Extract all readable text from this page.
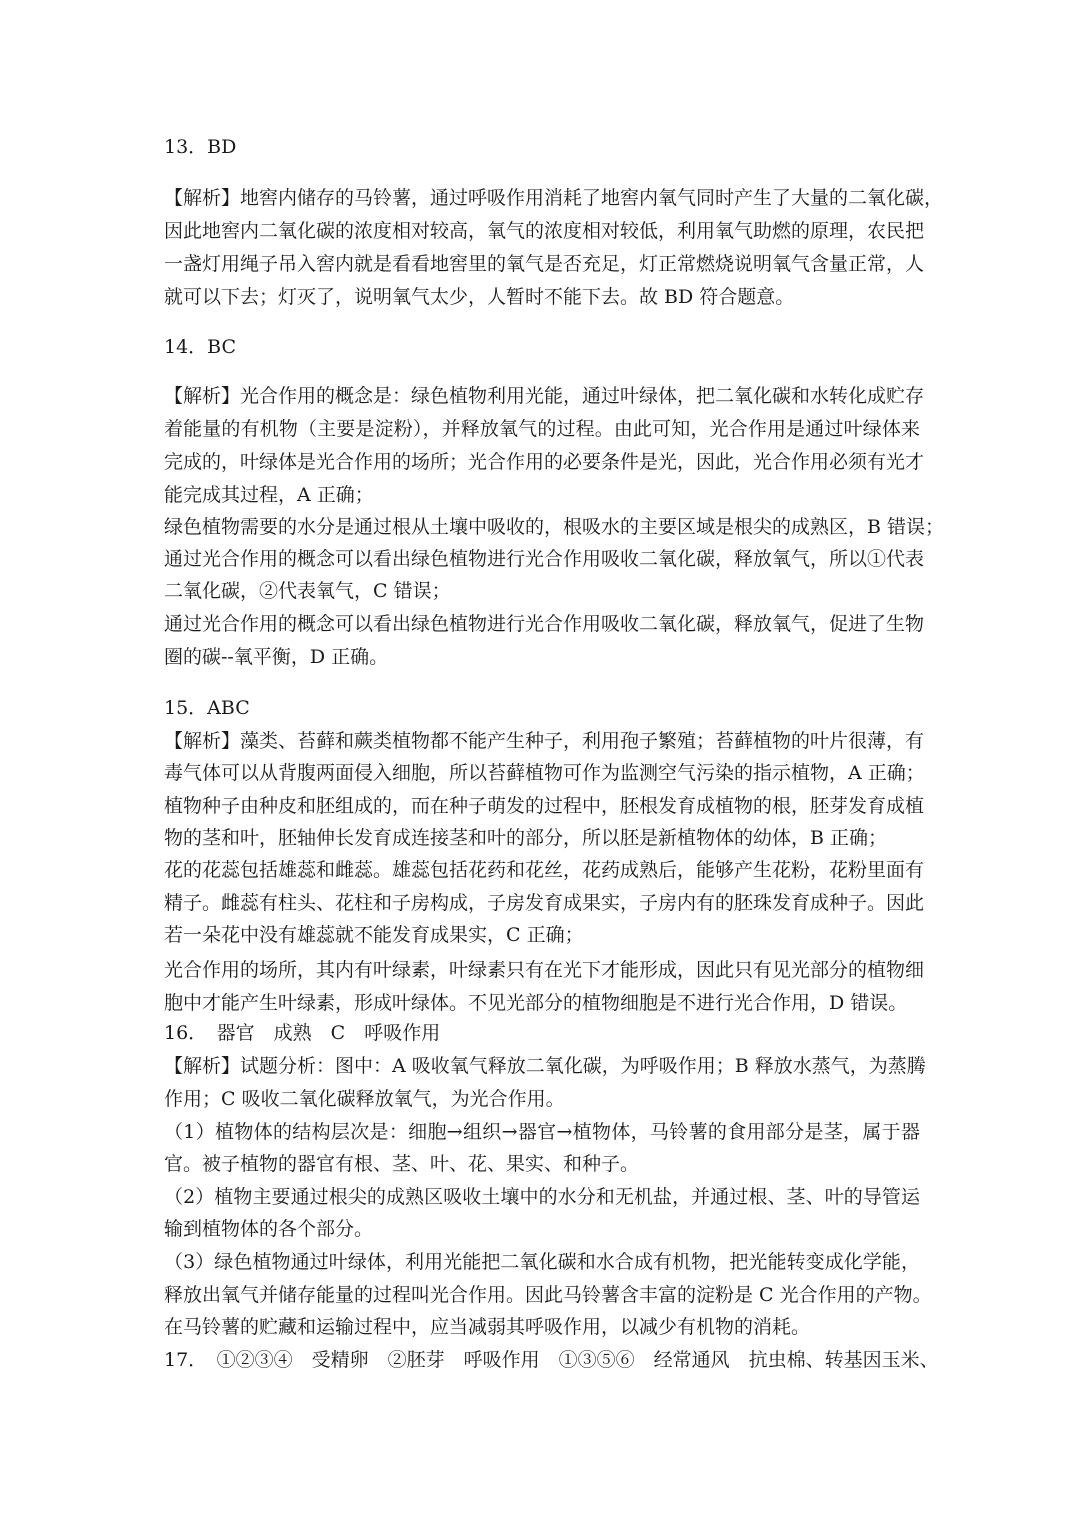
13．BD
【解析】地窖内储存的马铃薯，通过呼吸作用消耗了地窖内氧气同时产生了大量的二氧化碳，
因此地窖内二氧化碳的浓度相对较高，氧气的浓度相对较低，利用氧气助燃的原理，农民把
一盏灯用绳子吊入窖内就是看看地窖里的氧气是否充足，灯正常燃烧说明氧气含量正常，人
就可以下去；灯灭了，说明氧气太少，人暂时不能下去。故 BD 符合题意。
14．BC
【解析】光合作用的概念是：绿色植物利用光能，通过叶绿体，把二氧化碳和水转化成贮存
着能量的有机物（主要是淀粉），并释放氧气的过程。由此可知，光合作用是通过叶绿体来
完成的，叶绿体是光合作用的场所；光合作用的必要条件是光，因此，光合作用必须有光才
能完成其过程，A 正确；
绿色植物需要的水分是通过根从土壤中吸收的，根吸水的主要区域是根尖的成熟区，B 错误；
通过光合作用的概念可以看出绿色植物进行光合作用吸收二氧化碳，释放氧气，所以①代表
二氧化碳，②代表氧气，C 错误；
通过光合作用的概念可以看出绿色植物进行光合作用吸收二氧化碳，释放氧气，促进了生物
圈的碳--氧平衡，D 正确。
15．ABC
【解析】藻类、苔藓和蕨类植物都不能产生种子，利用孢子繁殖；苔藓植物的叶片很薄，有
毒气体可以从背腹两面侵入细胞，所以苔藓植物可作为监测空气污染的指示植物，A 正确；
植物种子由种皮和胚组成的，而在种子萌发的过程中，胚根发育成植物的根，胚芽发育成植
物的茎和叶，胚轴伸长发育成连接茎和叶的部分，所以胚是新植物体的幼体，B 正确；
花的花蕊包括雄蕊和雌蕊。雄蕊包括花药和花丝，花药成熟后，能够产生花粉，花粉里面有
精子。雌蕊有柱头、花柱和子房构成，子房发育成果实，子房内有的胚珠发育成种子。因此
若一朵花中没有雄蕊就不能发育成果实，C 正确；
光合作用的场所，其内有叶绿素，叶绿素只有在光下才能形成，因此只有见光部分的植物细
胞中才能产生叶绿素，形成叶绿体。不见光部分的植物细胞是不进行光合作用，D 错误。
16．　器官　成熟　C　呼吸作用
【解析】试题分析：图中：A 吸收氧气释放二氧化碳，为呼吸作用；B 释放水蒸气，为蒸腾
作用；C 吸收二氧化碳释放氧气，为光合作用。
（1）植物体的结构层次是：细胞→组织→器官→植物体，马铃薯的食用部分是茎，属于器
官。被子植物的器官有根、茎、叶、花、果实、和种子。
（2）植物主要通过根尖的成熟区吸收土壤中的水分和无机盐，并通过根、茎、叶的导管运
输到植物体的各个部分。
（3）绿色植物通过叶绿体，利用光能把二氧化碳和水合成有机物，把光能转变成化学能，
释放出氧气并储存能量的过程叫光合作用。因此马铃薯含丰富的淀粉是 C 光合作用的产物。
在马铃薯的贮藏和运输过程中，应当减弱其呼吸作用，以减少有机物的消耗。
17．　①②③④　受精卵　②胚芽　呼吸作用　①③⑤⑥　经常通风　抗虫棉、转基因玉米、
